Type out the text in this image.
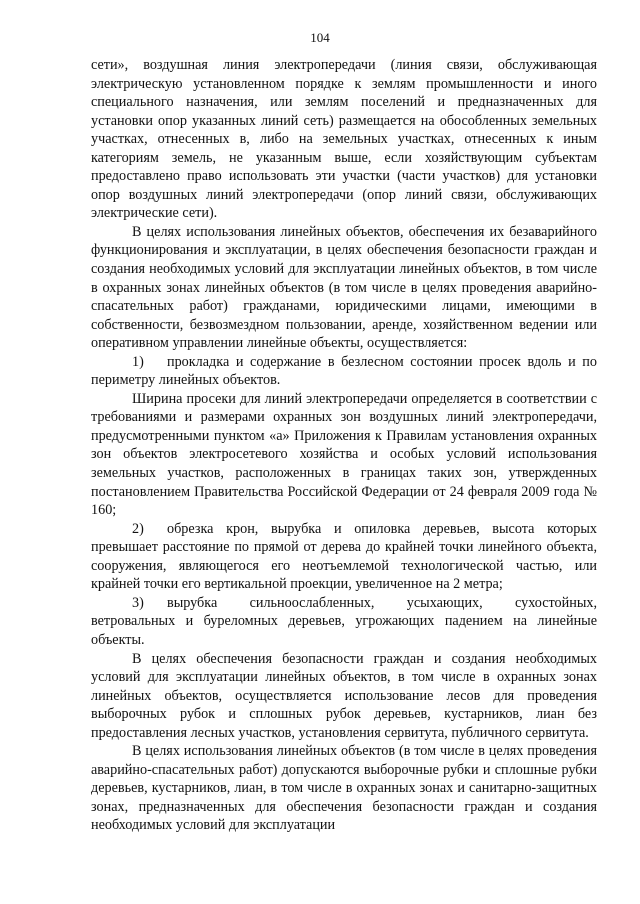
104

сети», воздушная линия электропередачи (линия связи, обслуживающая электрическую установленном порядке к землям промышленности и иного специального назначения, или землям поселений и предназначенных для установки опор указанных линий сеть) размещается на обособленных земельных участках, отнесенных в, либо на земельных участках, отнесенных к иным категориям земель, не указанным выше, если хозяйствующим субъектам предоставлено право использовать эти участки (части участков) для установки опор воздушных линий электропередачи (опор линий связи, обслуживающих электрические сети).

В целях использования линейных объектов, обеспечения их безаварийного функционирования и эксплуатации, в целях обеспечения безопасности граждан и создания необходимых условий для эксплуатации линейных объектов, в том числе в охранных зонах линейных объектов (в том числе в целях проведения аварийно-спасательных работ) гражданами, юридическими лицами, имеющими в собственности, безвозмездном пользовании, аренде, хозяйственном ведении или оперативном управлении линейные объекты, осуществляется:

1) прокладка и содержание в безлесном состоянии просек вдоль и по периметру линейных объектов.

Ширина просеки для линий электропередачи определяется в соответствии с требованиями и размерами охранных зон воздушных линий электропередачи, предусмотренными пунктом «а» Приложения к Правилам установления охранных зон объектов электросетевого хозяйства и особых условий использования земельных участков, расположенных в границах таких зон, утвержденных постановлением Правительства Российской Федерации от 24 февраля 2009 года № 160;

2) обрезка крон, вырубка и опиловка деревьев, высота которых превышает расстояние по прямой от дерева до крайней точки линейного объекта, сооружения, являющегося его неотъемлемой технологической частью, или крайней точки его вертикальной проекции, увеличенное на 2 метра;

3) вырубка сильноослабленных, усыхающих, сухостойных, ветровальных и буреломных деревьев, угрожающих падением на линейные объекты.

В целях обеспечения безопасности граждан и создания необходимых условий для эксплуатации линейных объектов, в том числе в охранных зонах линейных объектов, осуществляется использование лесов для проведения выборочных рубок и сплошных рубок деревьев, кустарников, лиан без предоставления лесных участков, установления сервитута, публичного сервитута.

В целях использования линейных объектов (в том числе в целях проведения аварийно-спасательных работ) допускаются выборочные рубки и сплошные рубки деревьев, кустарников, лиан, в том числе в охранных зонах и санитарно-защитных зонах, предназначенных для обеспечения безопасности граждан и создания необходимых условий для эксплуатации
